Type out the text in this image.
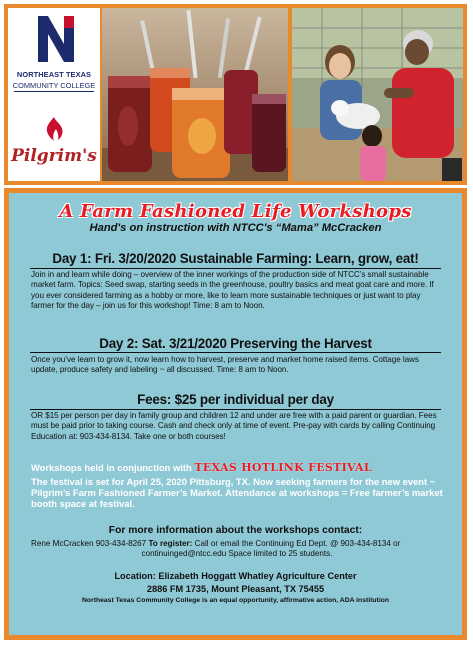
NORTHEAST TEXAS
COMMUNITY COLLEGE
Pilgrim's
A Farm Fashioned Life Workshops
Hand's on instruction with NTCC's “Mama” McCracken
Day 1: Fri. 3/20/2020 Sustainable Farming: Learn, grow, eat!
Join in and learn while doing – overview of the inner workings of the production side of NTCC’s small sustainable market farm. Topics: Seed swap, starting seeds in the greenhouse, poultry basics and meat goat care and more. If you ever considered farming as a hobby or more, like to learn more sustainable techniques or just want to play farmer for the day – join us for this workshop! Time: 8 am to Noon.
Day 2: Sat. 3/21/2020 Preserving the Harvest
Once you’ve learn to grow it, now learn how to harvest, preserve and market home raised items. Cottage laws update, produce safety and labeling ~ all discussed. Time: 8 am to Noon.
Fees: $25 per individual per day
OR $15 per person per day in family group and children 12 and under are free with a paid parent or guardian. Fees must be paid prior to taking course. Cash and check only at time of event. Pre-pay with cards by calling Continuing Education at: 903-434-8134. Take one or both courses!
Workshops held in conjunction with TEXAS HOTLINK FESTIVAL
The festival is set for April 25, 2020 Pittsburg, TX. Now seeking farmers for the new event ~ Pilgrim’s Farm Fashioned Farmer’s Market. Attendance at workshops = Free farmer’s market booth space at festival.
For more information about the workshops contact:
Rene McCracken 903-434-8267 To register: Call or email the Continuing Ed Dept. @ 903-434-8134 or

continuinged@ntcc.edu Space limited to 25 students.
Location: Elizabeth Hoggatt Whatley Agriculture Center
2886 FM 1735, Mount Pleasant, TX 75455
Northeast Texas Community College is an equal opportunity, affirmative action, ADA institution
